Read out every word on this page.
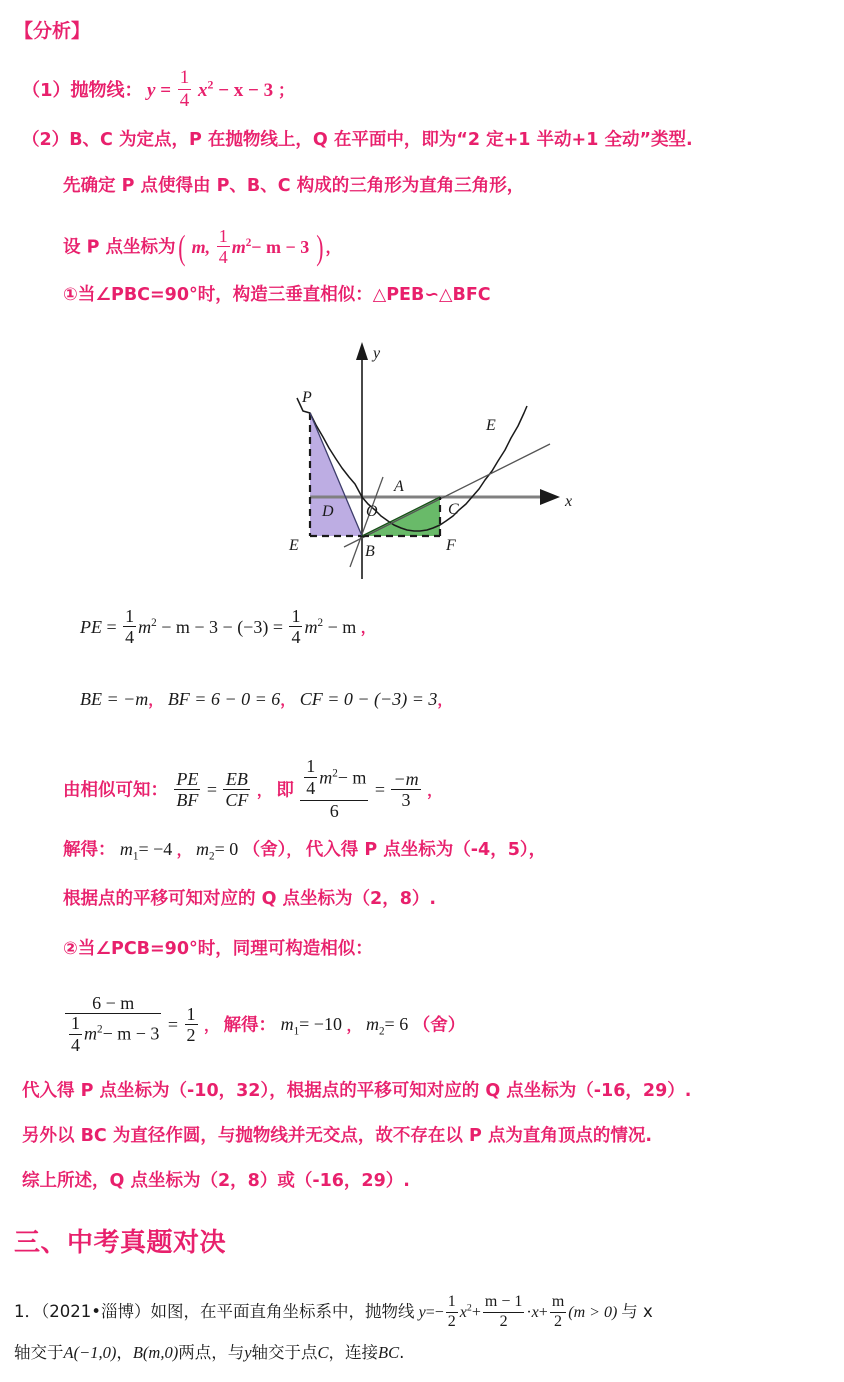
【分析】
（1）抛物线： $y = \frac{1}{4} x^2 - x - 3$ ；
（2）B、C 为定点，P 在抛物线上，Q 在平面中，即为“2 定+1 半动+1 全动”类型.
先确定 P 点使得由 P、B、C 构成的三角形为直角三角形，
设 P 点坐标为( m, $\frac{1}{4} m^2- m - 3$ ) ，
①当∠PBC=90°时，构造三垂直相似：△PEB∽△BFC
y
x
P
D
E
O
B
A
C
F
E
PE = $\frac{1}{4} m^2 - m - 3 - (-3) = \frac{1}{4} m^2 - m$ ，
BE = −m， BF = 6 − 0 = 6， CF = 0 − (−3) = 3，
由相似可知： $\frac{PE}{BF} = \frac{EB}{CF}$ ， 即 $\frac{\frac{1}{4} m^2- m}{6} = \frac{-m}{3}$ ，
解得： $m_1= -4$ ， $m_2= 0$ （舍）， 代入得 P 点坐标为（-4，5），
根据点的平移可知对应的 Q 点坐标为（2，8）.
②当∠PCB=90°时，同理可构造相似：
$\frac{6 - m}{\frac{1}{4} m^2- m - 3} = \frac{1}{2}$ ， 解得： $m_1= -10$ ， $m_2= 6$ （舍）
代入得 P 点坐标为（-10，32），根据点的平移可知对应的 Q 点坐标为（-16，29）.
另外以 BC 为直径作圆，与抛物线并无交点，故不存在以 P 点为直角顶点的情况.
综上所述，Q 点坐标为（2，8）或（-16，29）.
三、中考真题对决
1．（2021•淄博）如图，在平面直角坐标系中，抛物线 $y=- \frac{1}{2} x^2+ \frac{m - 1}{2} \cdot x+ \frac{m}{2} (m > 0)$ 与 x
轴交于A(−1,0)，B(m,0)两点，与y轴交于点C，连接BC.
